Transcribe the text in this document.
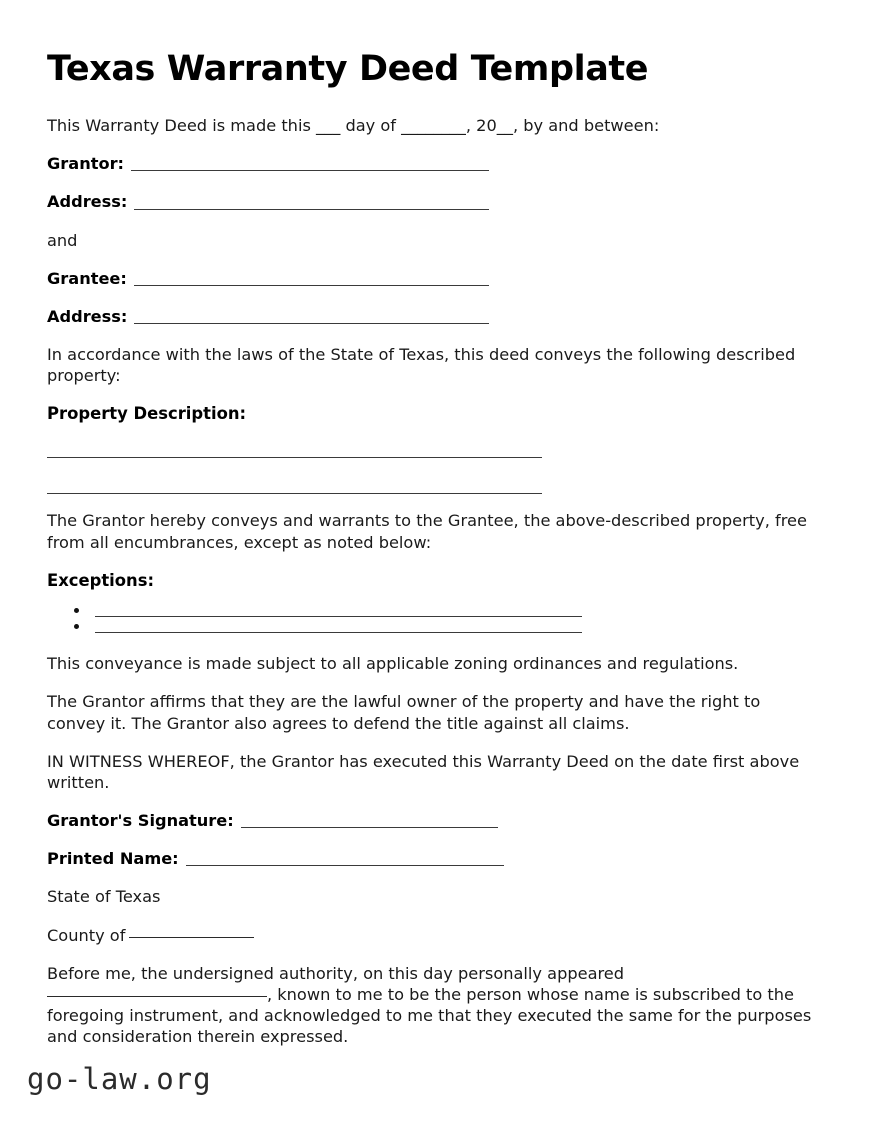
Texas Warranty Deed Template

This Warranty Deed is made this ___ day of ________, 20__, by and between:

Grantor:
Address:

and

Grantee:
Address:

In accordance with the laws of the State of Texas, this deed conveys the following described property:

Property Description:

The Grantor hereby conveys and warrants to the Grantee, the above-described property, free from all encumbrances, except as noted below:

Exceptions:

This conveyance is made subject to all applicable zoning ordinances and regulations.

The Grantor affirms that they are the lawful owner of the property and have the right to convey it. The Grantor also agrees to defend the title against all claims.

IN WITNESS WHEREOF, the Grantor has executed this Warranty Deed on the date first above written.

Grantor's Signature:
Printed Name:

State of Texas

County of

Before me, the undersigned authority, on this day personally appeared , known to me to be the person whose name is subscribed to the foregoing instrument, and acknowledged to me that they executed the same for the purposes and consideration therein expressed.

go-law.org
